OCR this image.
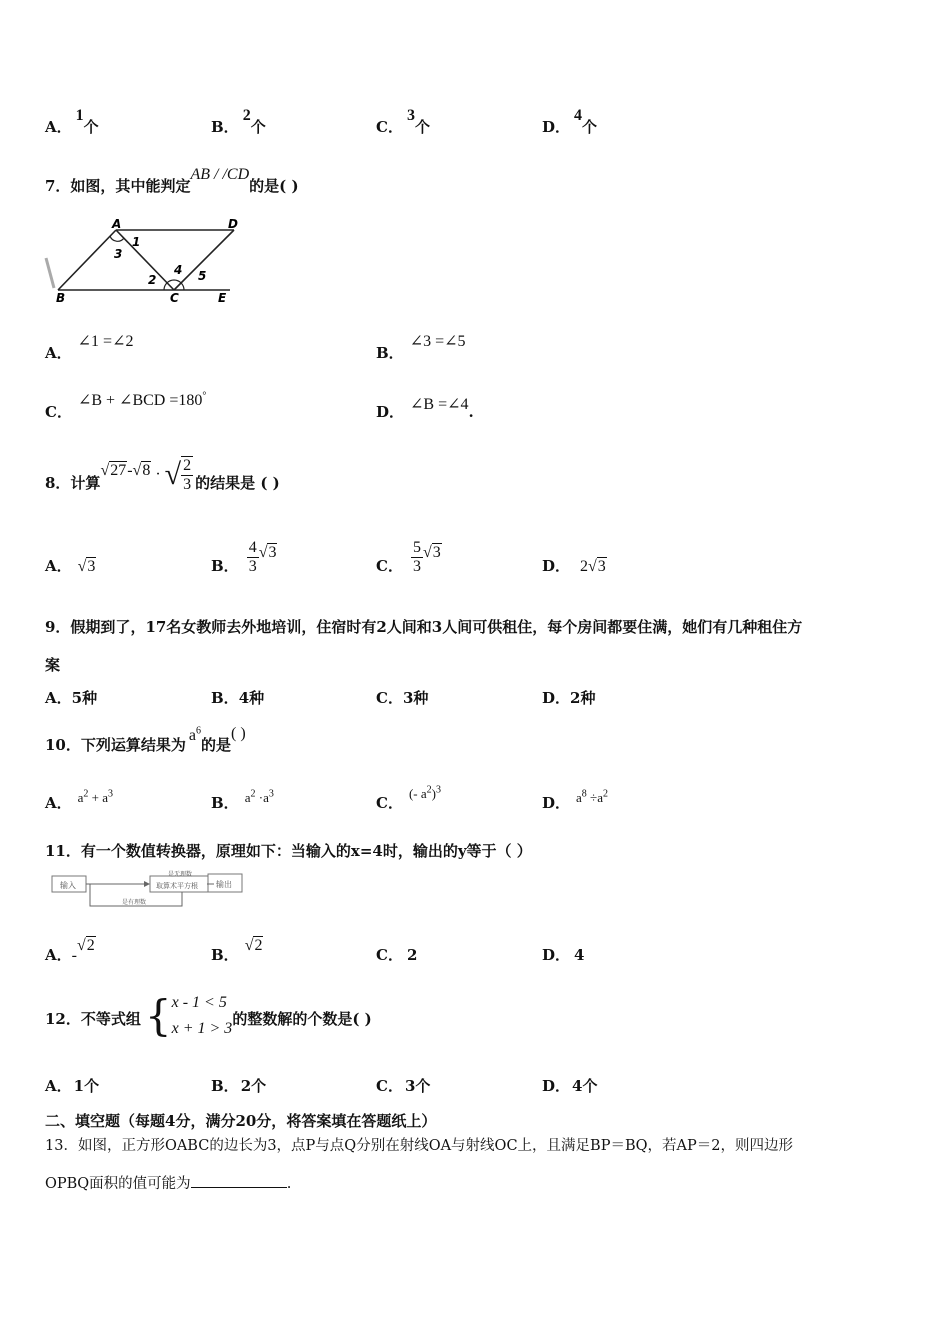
A．1个	B．2个	C．3个	D．4个
7．如图，其中能判定AB / /CD的是( )
A	D
B	C	E
1
2
3
4 5
A．∠1 =∠2
B．∠3 =∠5
C．∠B + ∠BCD =180°
D． ∠B =∠4.
8．计算
√27-√8 · √ $\frac{2}{3}$ 的结果是 ( )
A． √3	B． $\frac{4}{3} √3$
C． $\frac{5}{3} √3$
D． 2√3
9．假期到了，17名女教师去外地培训，住宿时有2人间和3人间可供租住，每个房间都要住满，她们有几种租住方
案
A．5种	B．4种	C．3种	D．2种
10．下列运算结果为$a^6$的是( )
A． $a^2 + a^3$	B． $a^2 \cdot a^3$	C．(- $a^2)^3$
D． $a^8 \div a^2$
11．有一个数值转换器，原理如下：当输入的x=4时，输出的y等于（ ）
输入	取算术平方根
是无理数
输出
是有理数
A．-√2
B．√2
C． 2	D． 4
12．不等式组 { x - 1 < 5
x + 1 > 3
的整数解的个数是( )
A． 1个	B． 2个	C． 3个	D． 4个
二、填空题（每题4分，满分20分，将答案填在答题纸上）
13．如图，正方形OABC的边长为3，点P与点Q分别在射线OA与射线OC上，且满足BP＝BQ，若AP＝2，则四边形
OPBQ面积的值可能为	.
